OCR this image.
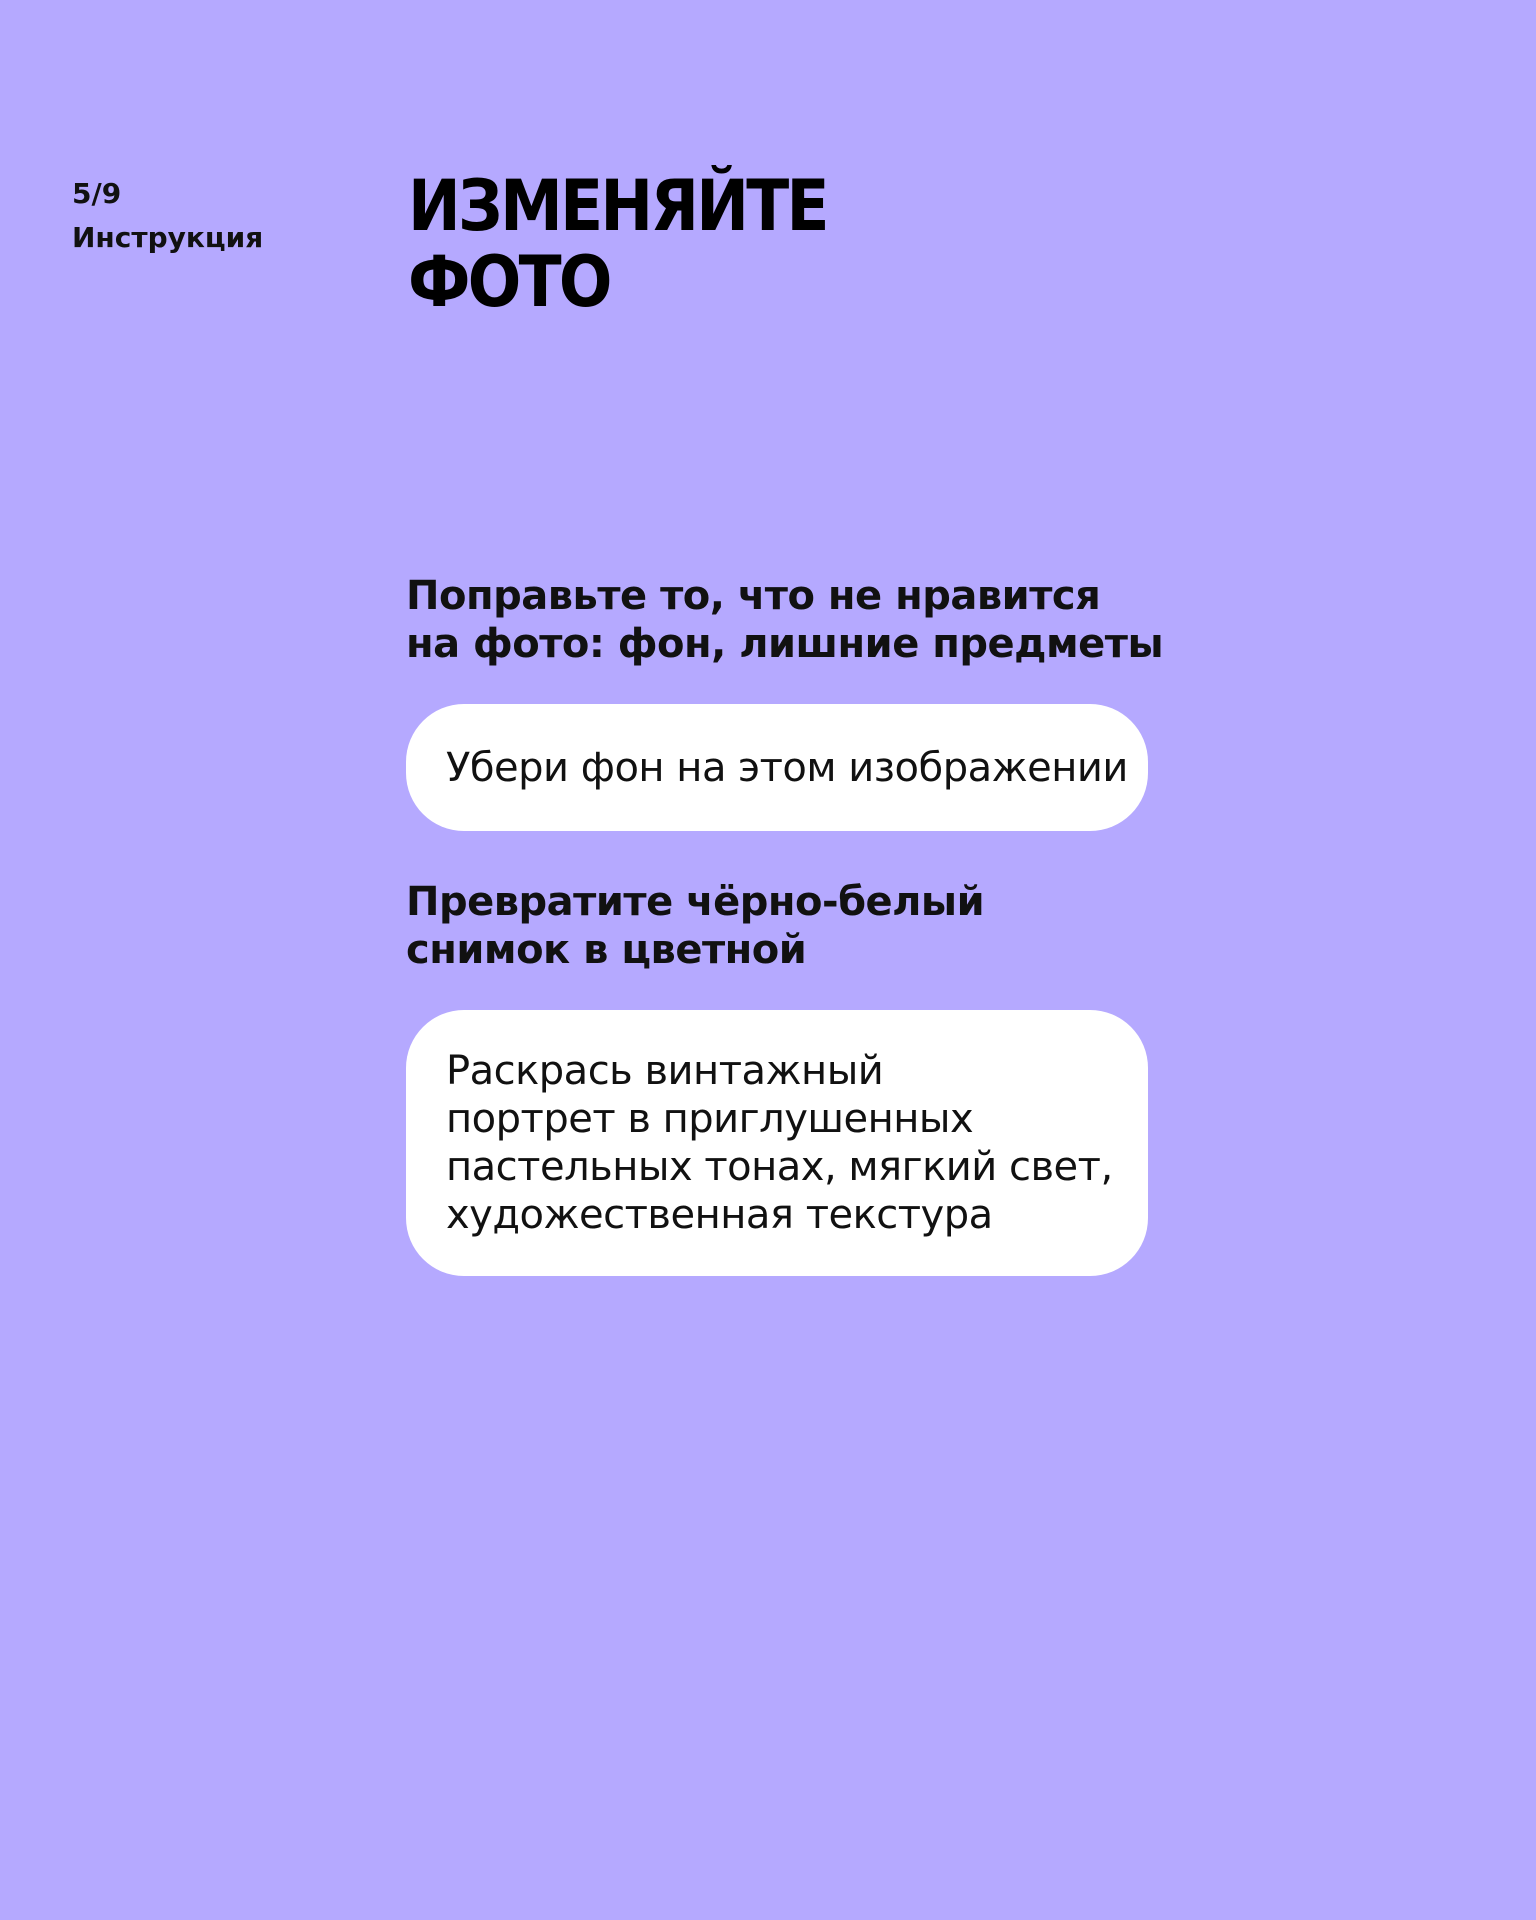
5/9
Инструкция ИЗМЕНЯЙТЕ
ФОТО
Поправьте то, что не нравится
на фото: фон, лишние предметы
Убери фон на этом изображении
Превратите чёрно-белый
снимок в цветной
Раскрась винтажный
портрет в приглушенных
пастельных тонах, мягкий свет,
художественная текстура
